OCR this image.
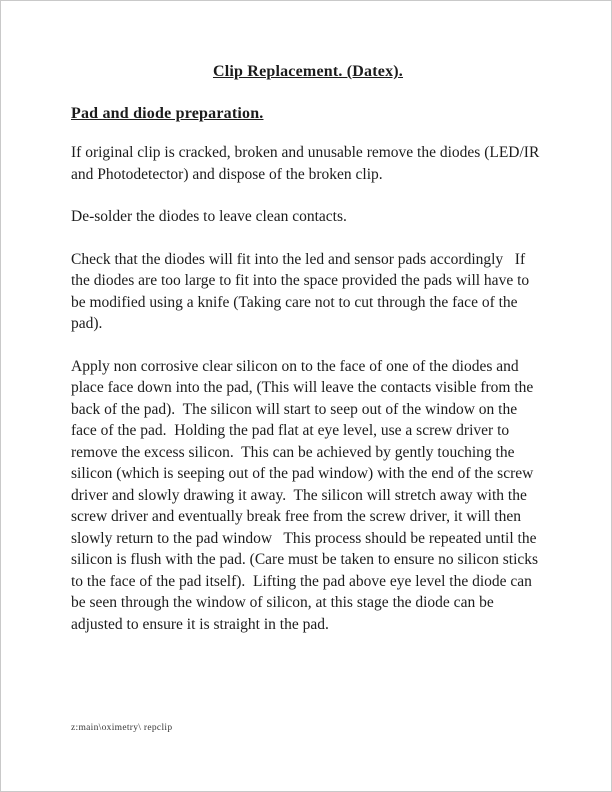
Clip Replacement. (Datex).
Pad and diode preparation.

If original clip is cracked, broken and unusable remove the diodes (LED/IR and Photodetector) and dispose of the broken clip.

De-solder the diodes to leave clean contacts.

Check that the diodes will fit into the led and sensor pads accordingly   If the diodes are too large to fit into the space provided the pads will have to be modified using a knife (Taking care not to cut through the face of the pad).

Apply non corrosive clear silicon on to the face of one of the diodes and place face down into the pad, (This will leave the contacts visible from the back of the pad).  The silicon will start to seep out of the window on the face of the pad.  Holding the pad flat at eye level, use a screw driver to remove the excess silicon.  This can be achieved by gently touching the silicon (which is seeping out of the pad window) with the end of the screw driver and slowly drawing it away.  The silicon will stretch away with the screw driver and eventually break free from the screw driver, it will then slowly return to the pad window   This process should be repeated until the silicon is flush with the pad. (Care must be taken to ensure no silicon sticks to the face of the pad itself).  Lifting the pad above eye level the diode can be seen through the window of silicon, at this stage the diode can be adjusted to ensure it is straight in the pad.

z:main\oximetry\ repclip
